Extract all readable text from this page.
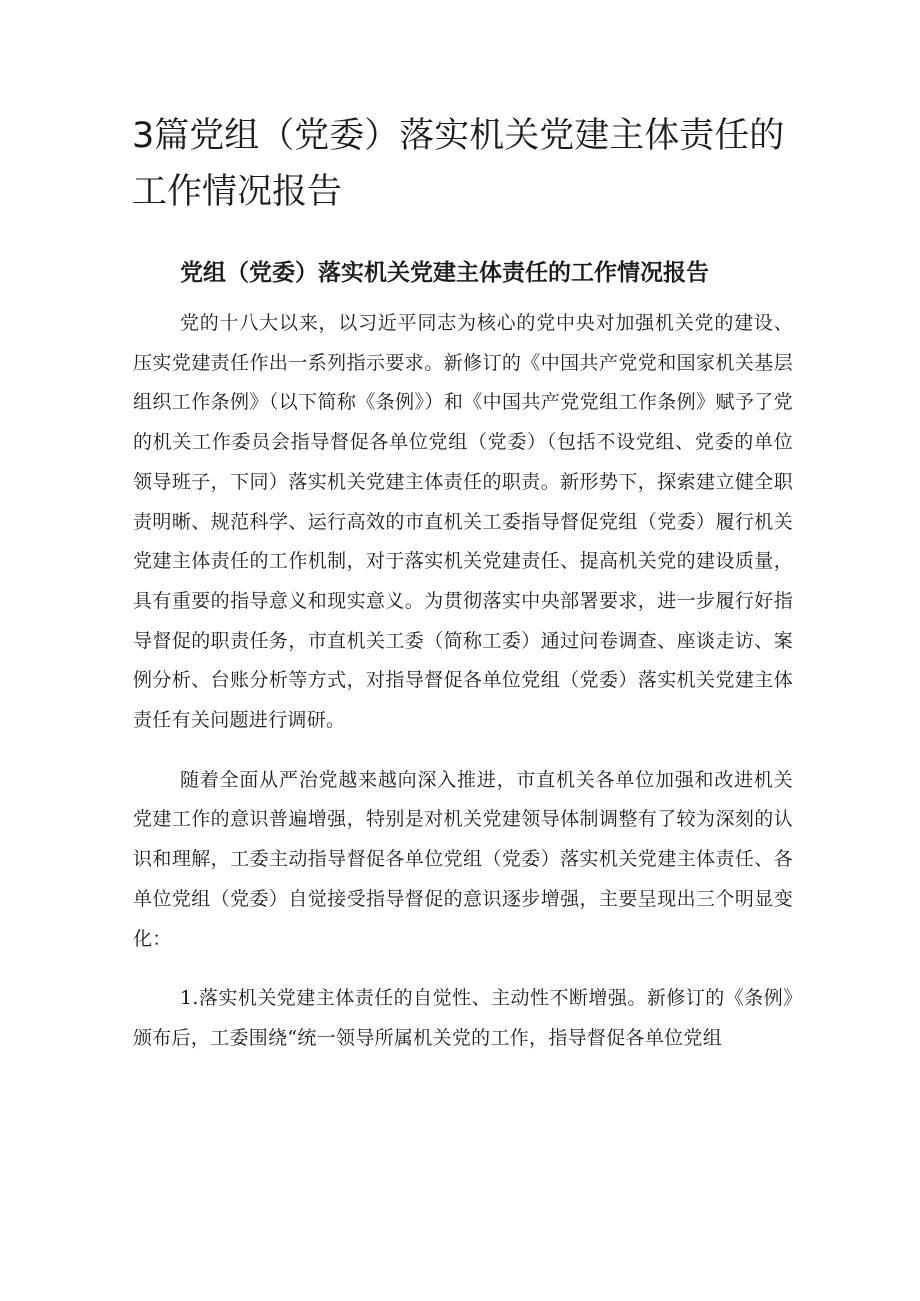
3篇党组（党委）落实机关党建主体责任的工作情况报告
党组（党委）落实机关党建主体责任的工作情况报告

党的十八大以来，以习近平同志为核心的党中央对加强机关党的建设、压实党建责任作出一系列指示要求。新修订的《中国共产党党和国家机关基层组织工作条例》（以下简称《条例》）和《中国共产党党组工作条例》赋予了党的机关工作委员会指导督促各单位党组（党委）（包括不设党组、党委的单位领导班子，下同）落实机关党建主体责任的职责。新形势下，探索建立健全职责明晰、规范科学、运行高效的市直机关工委指导督促党组（党委）履行机关党建主体责任的工作机制，对于落实机关党建责任、提高机关党的建设质量，具有重要的指导意义和现实意义。为贯彻落实中央部署要求，进一步履行好指导督促的职责任务，市直机关工委（简称工委）通过问卷调查、座谈走访、案例分析、台账分析等方式，对指导督促各单位党组（党委）落实机关党建主体责任有关问题进行调研。

随着全面从严治党越来越向深入推进，市直机关各单位加强和改进机关党建工作的意识普遍增强，特别是对机关党建领导体制调整有了较为深刻的认识和理解，工委主动指导督促各单位党组（党委）落实机关党建主体责任、各单位党组（党委）自觉接受指导督促的意识逐步增强，主要呈现出三个明显变化：

1.落实机关党建主体责任的自觉性、主动性不断增强。新修订的《条例》颁布后，工委围绕“统一领导所属机关党的工作，指导督促各单位党组
